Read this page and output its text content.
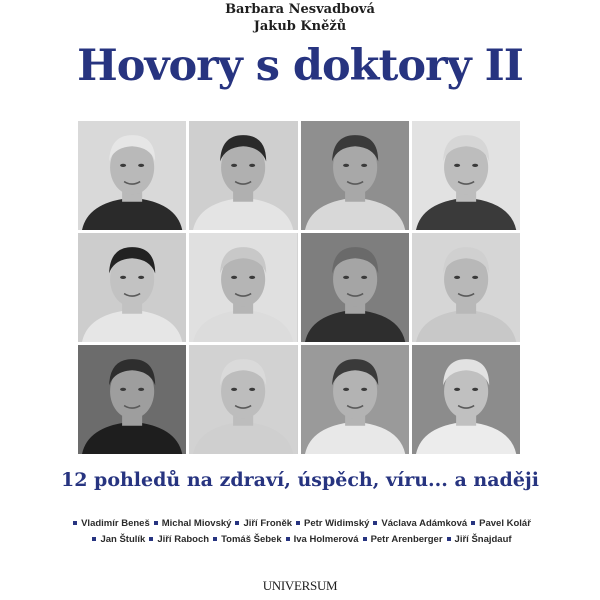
Barbara Nesvadbová
Jakub Kněžů
Hovory s doktory II
12 pohledů na zdraví, úspěch, víru... a naději
Vladimír Beneš Michal Miovský Jiří Froněk Petr Widimský Václava Adámková Pavel Kolář
Jan Štulík Jiří Raboch Tomáš Šebek Iva Holmerová Petr Arenberger Jiří Šnajdauf
UNIVERSUM
